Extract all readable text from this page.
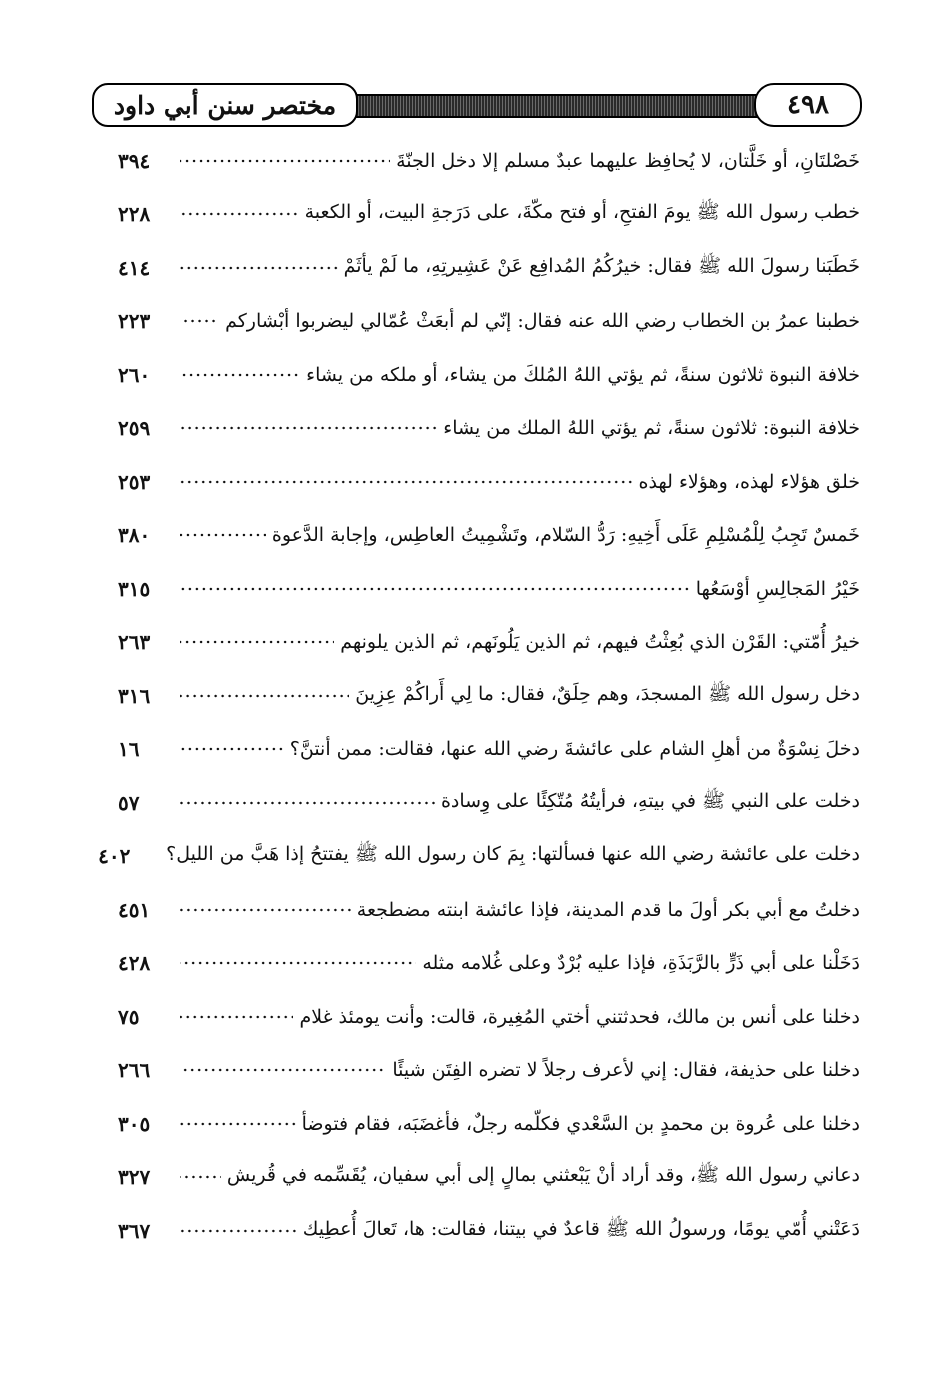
مختصر سنن أبي داود	٤٩٨
خَصْلتَانِ، أو خَلَّتان، لا يُحافِظ عليهما عبدٌ مسلم إلا دخل الجنّةَ
٣٩٤
خطب رسول الله ﷺ يومَ الفتحِ، أو فتح مكّةَ، على دَرَجةِ البيت، أو الكعبة
٢٢٨
خَطَبَنا رسولَ الله ﷺ فقال: خيرُكُمُ المُدافِع عَنْ عَشِيرتِهِ، ما لَمْ يأثَمْ
٤١٤
خطبنا عمرُ بن الخطاب رضي الله عنه فقال: إنّي لم أبعَثْ عُمّالي ليضربوا أبْشاركم
٢٢٣
خلافة النبوة ثلاثون سنةً، ثم يؤتي اللهُ المُلكَ من يشاء، أو ملكه من يشاء
٢٦٠
خلافة النبوة: ثلاثون سنةً، ثم يؤتي اللهُ الملك من يشاء
٢٥٩
خلق هؤلاء لهذه، وهؤلاء لهذه
٢٥٣
خَمسٌ تَجِبُ لِلْمُسْلِمِ عَلَى أَخِيهِ: رَدُّ السّلام، وتَشْمِيتُ العاطِس، وإجابة الدَّعوة
٣٨٠
خَيْرُ المَجالِسِ أوْسَعُها
٣١٥
خيرُ أُمّتي: القَرْن الذي بُعِثْتُ فيهم، ثم الذين يَلُونَهم، ثم الذين يلونهم
٢٦٣
دخل رسول الله ﷺ المسجدَ، وهم حِلَقٌ، فقال: ما لِي أَراكُمْ عِزِينَ
٣١٦
دخلَ نِسْوَةٌ من أهلِ الشام على عائشةَ رضي الله عنها، فقالت: ممن أنتنَّ؟
١٦
دخلت على النبي ﷺ في بيتهِ، فرأيتُهُ مُتّكِئًا على وِسادة
٥٧
دخلت على عائشة رضي الله عنها فسألتها: بِمَ كان رسول الله ﷺ يفتتحُ إذا هَبَّ من الليل؟
٤٠٢
دخلتُ مع أبي بكر أولَ ما قدم المدينة، فإذا عائشة ابنته مضطجعة
٤٥١
دَخَلْنا على أبي ذَرٍّ بالرَّبَذَةِ، فإذا عليه بُرْدٌ وعلى غُلامه مثله
٤٢٨
دخلنا على أنس بن مالك، فحدثتني أختي المُغِيرة، قالت: وأنت يومئذ غلام
٧٥
دخلنا على حذيفة، فقال: إني لأعرف رجلاً لا تضره الفِتَن شيئًا
٢٦٦
دخلنا على عُروة بن محمدٍ بن السَّعْدي فكلّمه رجلٌ، فأغضَبَه، فقام فتوضأ
٣٠٥
دعاني رسول الله ﷺ، وقد أراد أنْ يَبْعثني بمالٍ إلى أبي سفيان، يُقَسِّمه في قُريش
٣٢٧
دَعَتْني أُمّي يومًا، ورسولُ الله ﷺ قاعدٌ في بيتنا، فقالت: ها، تَعالَ أُعطِيك
٣٦٧
